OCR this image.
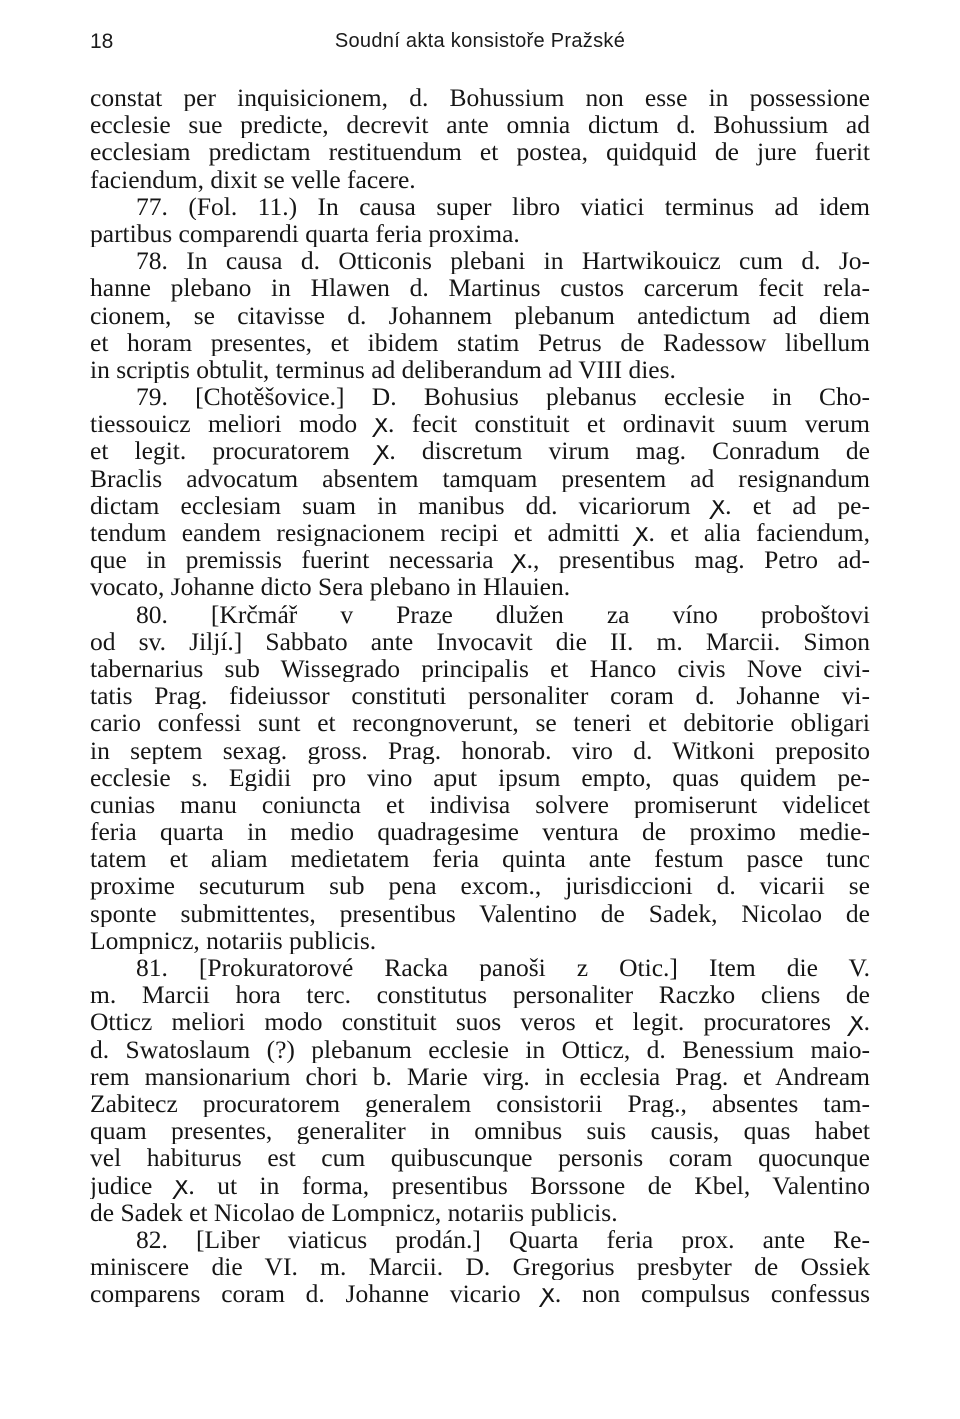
18	Soudní akta konsistoře Pražské
constat per inquisicionem, d. Bohussium non esse in possessione
ecclesie sue predicte, decrevit ante omnia dictum d. Bohussium ad
ecclesiam predictam restituendum et postea, quidquid de jure fuerit
faciendum, dixit se velle facere.
77. (Fol. 11.) In causa super libro viatici terminus ad idem
partibus comparendi quarta feria proxima.
78. In causa d. Otticonis plebani in Hartwikouicz cum d. Jo-
hanne plebano in Hlawen d. Martinus custos carcerum fecit rela-
cionem, se citavisse d. Johannem plebanum antedictum ad diem
et horam presentes, et ibidem statim Petrus de Radessow libellum
in scriptis obtulit, terminus ad deliberandum ad VIII dies.
79. [Chotěšovice.] D. Bohusius plebanus ecclesie in Cho-
tiessouicz meliori modo ꭗ. fecit constituit et ordinavit suum verum
et legit. procuratorem ꭗ. discretum virum mag. Conradum de
Braclis advocatum absentem tamquam presentem ad resignandum
dictam ecclesiam suam in manibus dd. vicariorum ꭗ. et ad pe-
tendum eandem resignacionem recipi et admitti ꭗ. et alia faciendum,
que in premissis fuerint necessaria ꭗ., presentibus mag. Petro ad-
vocato, Johanne dicto Sera plebano in Hlauien.
80. [Krčmář v Praze dlužen za víno proboštovi
od sv. Jiljí.] Sabbato ante Invocavit die II. m. Marcii. Simon
tabernarius sub Wissegrado principalis et Hanco civis Nove civi-
tatis Prag. fideiussor constituti personaliter coram d. Johanne vi-
cario confessi sunt et recongnoverunt, se teneri et debitorie obligari
in septem sexag. gross. Prag. honorab. viro d. Witkoni preposito
ecclesie s. Egidii pro vino aput ipsum empto, quas quidem pe-
cunias manu coniuncta et indivisa solvere promiserunt videlicet
feria quarta in medio quadragesime ventura de proximo medie-
tatem et aliam medietatem feria quinta ante festum pasce tunc
proxime secuturum sub pena excom., jurisdiccioni d. vicarii se
sponte submittentes, presentibus Valentino de Sadek, Nicolao de
Lompnicz, notariis publicis.
81. [Prokuratorové Racka panoši z Otic.] Item die V.
m. Marcii hora terc. constitutus personaliter Raczko cliens de
Otticz meliori modo constituit suos veros et legit. procuratores ꭗ.
d. Swatoslaum (?) plebanum ecclesie in Otticz, d. Benessium maio-
rem mansionarium chori b. Marie virg. in ecclesia Prag. et Andream
Zabitecz procuratorem generalem consistorii Prag., absentes tam-
quam presentes, generaliter in omnibus suis causis, quas habet
vel habiturus est cum quibuscunque personis coram quocunque
judice ꭗ. ut in forma, presentibus Borssone de Kbel, Valentino
de Sadek et Nicolao de Lompnicz, notariis publicis.
82. [Liber viaticus prodán.] Quarta feria prox. ante Re-
miniscere die VI. m. Marcii. D. Gregorius presbyter de Ossiek
comparens coram d. Johanne vicario ꭗ. non compulsus confessus
